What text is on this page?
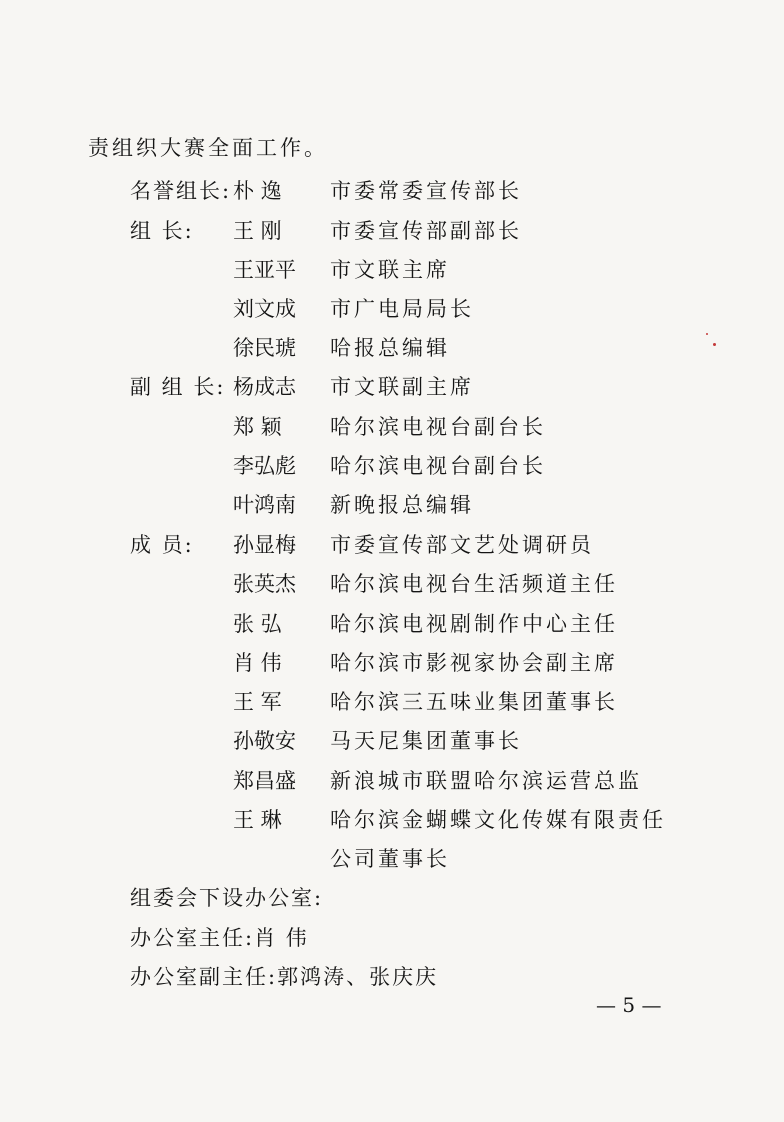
责组织大赛全面工作。
名誉组长: 朴 逸 市委常委宣传部长
组 长: 王 刚 市委宣传部副部长
王亚平 市文联主席
刘文成 市广电局局长
徐民琥 哈报总编辑
副 组 长: 杨成志 市文联副主席
郑 颖 哈尔滨电视台副台长
李弘彪 哈尔滨电视台副台长
叶鸿南 新晚报总编辑
成 员: 孙显梅 市委宣传部文艺处调研员
张英杰 哈尔滨电视台生活频道主任
张 弘 哈尔滨电视剧制作中心主任
肖 伟 哈尔滨市影视家协会副主席
王 军 哈尔滨三五味业集团董事长
孙敬安 马天尼集团董事长
郑昌盛 新浪城市联盟哈尔滨运营总监
王 琳 哈尔滨金蝴蝶文化传媒有限责任
公司董事长
组委会下设办公室:
办公室主任:肖 伟
办公室副主任:郭鸿涛、张庆庆
— 5 —
